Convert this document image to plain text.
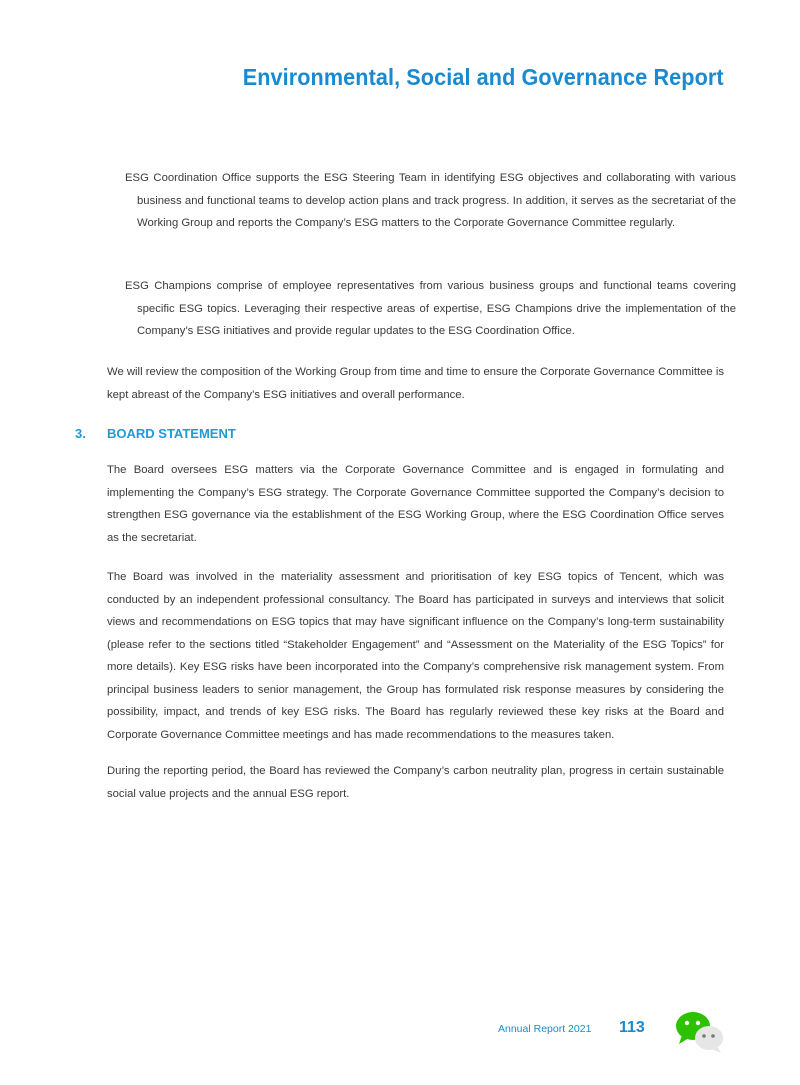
Environmental, Social and Governance Report
ESG Coordination Office supports the ESG Steering Team in identifying ESG objectives and collaborating with various business and functional teams to develop action plans and track progress. In addition, it serves as the secretariat of the Working Group and reports the Company’s ESG matters to the Corporate Governance Committee regularly.
ESG Champions comprise of employee representatives from various business groups and functional teams covering specific ESG topics. Leveraging their respective areas of expertise, ESG Champions drive the implementation of the Company’s ESG initiatives and provide regular updates to the ESG Coordination Office.
We will review the composition of the Working Group from time and time to ensure the Corporate Governance Committee is kept abreast of the Company’s ESG initiatives and overall performance.
3. BOARD STATEMENT
The Board oversees ESG matters via the Corporate Governance Committee and is engaged in formulating and implementing the Company’s ESG strategy. The Corporate Governance Committee supported the Company’s decision to strengthen ESG governance via the establishment of the ESG Working Group, where the ESG Coordination Office serves as the secretariat.
The Board was involved in the materiality assessment and prioritisation of key ESG topics of Tencent, which was conducted by an independent professional consultancy. The Board has participated in surveys and interviews that solicit views and recommendations on ESG topics that may have significant influence on the Company’s long-term sustainability (please refer to the sections titled “Stakeholder Engagement” and “Assessment on the Materiality of the ESG Topics” for more details). Key ESG risks have been incorporated into the Company’s comprehensive risk management system. From principal business leaders to senior management, the Group has formulated risk response measures by considering the possibility, impact, and trends of key ESG risks. The Board has regularly reviewed these key risks at the Board and Corporate Governance Committee meetings and has made recommendations to the measures taken.
During the reporting period, the Board has reviewed the Company’s carbon neutrality plan, progress in certain sustainable social value projects and the annual ESG report.
Annual Report 2021 113
